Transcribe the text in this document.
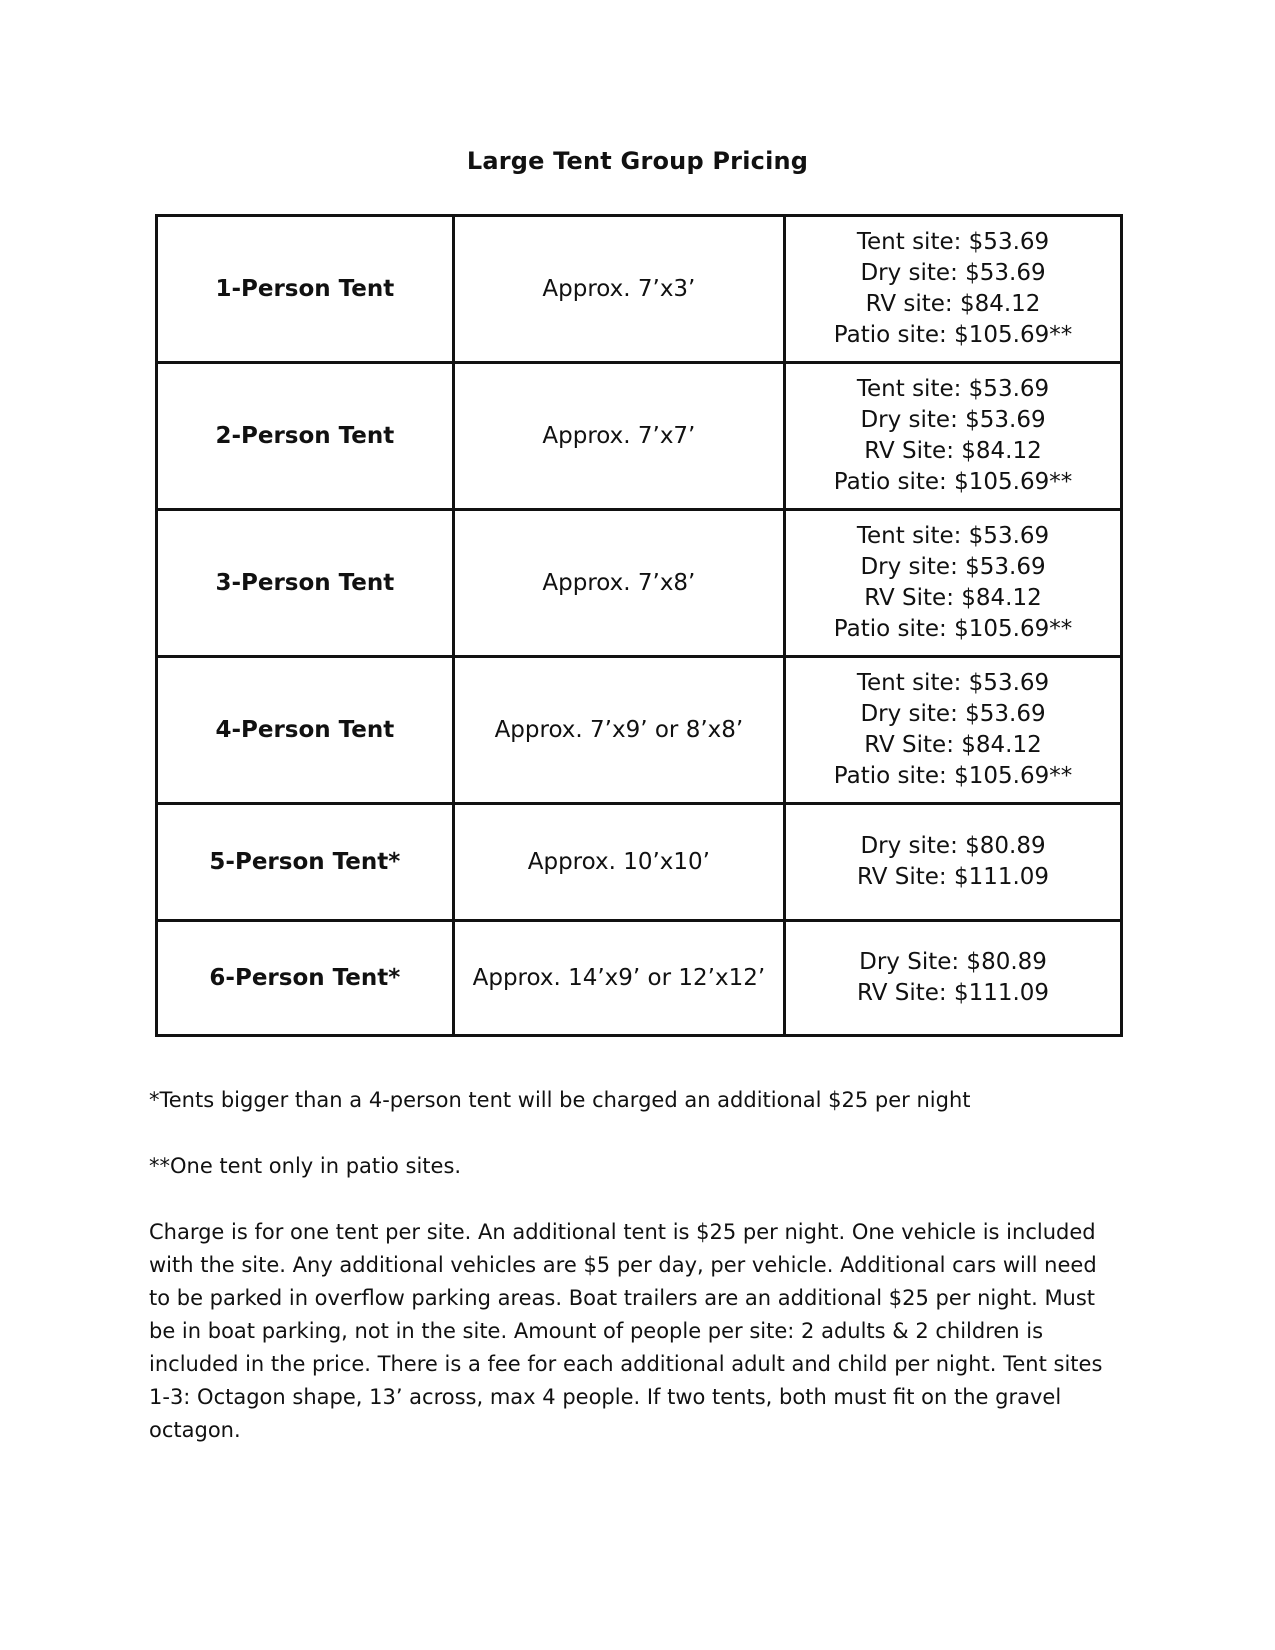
Large Tent Group Pricing
1-Person Tent	Approx. 7’x3’	Tent site: $53.69
Dry site: $53.69
RV site: $84.12
Patio site: $105.69**

2-Person Tent	Approx. 7’x7’	Tent site: $53.69
Dry site: $53.69
RV Site: $84.12
Patio site: $105.69**

3-Person Tent	Approx. 7’x8’	Tent site: $53.69
Dry site: $53.69
RV Site: $84.12
Patio site: $105.69**

4-Person Tent	Approx. 7’x9’ or 8’x8’	Tent site: $53.69
Dry site: $53.69
RV Site: $84.12
Patio site: $105.69**

5-Person Tent*	Approx. 10’x10’	Dry site: $80.89
RV Site: $111.09

6-Person Tent*	Approx. 14’x9’ or 12’x12’	Dry Site: $80.89
RV Site: $111.09
*Tents bigger than a 4-person tent will be charged an additional $25 per night
**One tent only in patio sites.
Charge is for one tent per site. An additional tent is $25 per night. One vehicle is included with the site. Any additional vehicles are $5 per day, per vehicle. Additional cars will need to be parked in overflow parking areas. Boat trailers are an additional $25 per night. Must be in boat parking, not in the site. Amount of people per site: 2 adults & 2 children is included in the price. There is a fee for each additional adult and child per night. Tent sites 1-3: Octagon shape, 13’ across, max 4 people. If two tents, both must fit on the gravel octagon.
